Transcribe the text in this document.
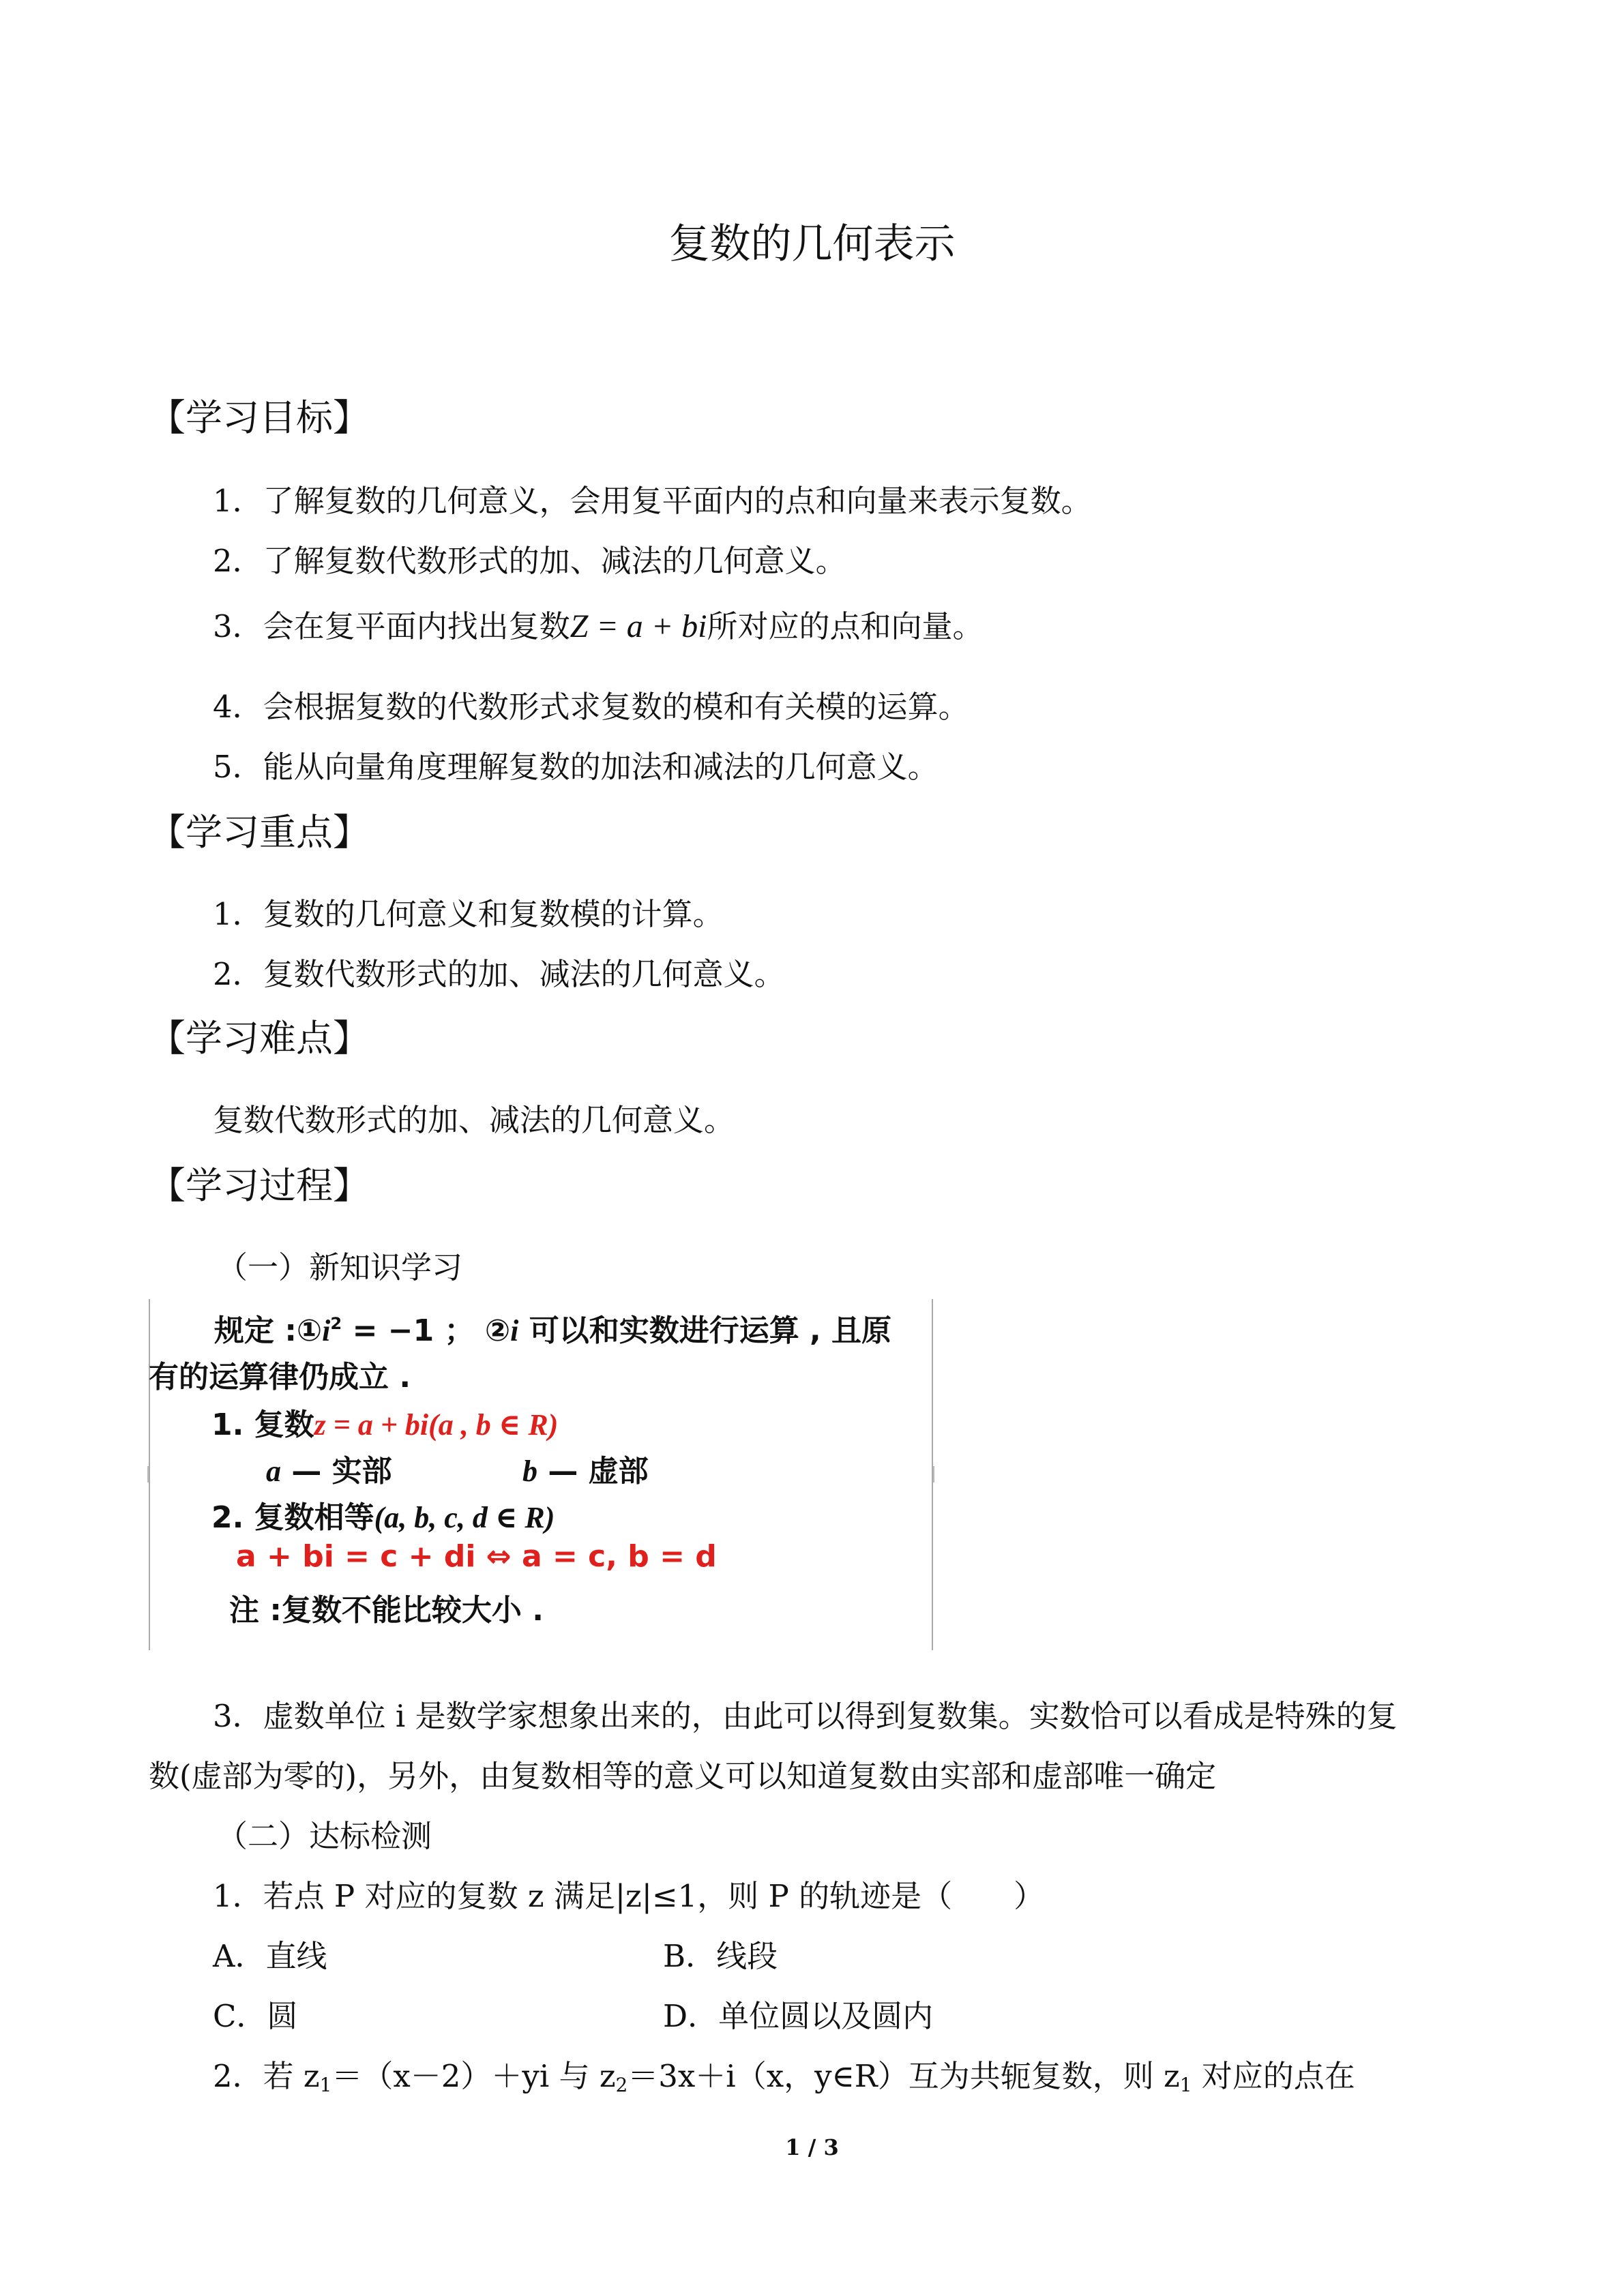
复数的几何表示
【学习目标】
1．了解复数的几何意义，会用复平面内的点和向量来表示复数。
2．了解复数代数形式的加、减法的几何意义。
3．会在复平面内找出复数Z = a + bi所对应的点和向量。
4．会根据复数的代数形式求复数的模和有关模的运算。
5．能从向量角度理解复数的加法和减法的几何意义。
【学习重点】
1．复数的几何意义和复数模的计算。
2．复数代数形式的加、减法的几何意义。
【学习难点】
复数代数形式的加、减法的几何意义。
【学习过程】
（一）新知识学习
规定 $:①i^2 = -1$ ； ②i 可以和实数进行运算 , 且原
有的运算律仍成立 .
1. 复数z = a + bi(a , b ∈ R)
a — 实部	b — 虚部
2. 复数相等(a, b, c, d ∈ R)
a + bi = c + di ⇔ a = c, b = d
注 :复数不能比较大小 .
3．虚数单位 i 是数学家想象出来的，由此可以得到复数集。实数恰可以看成是特殊的复
数(虚部为零的)，另外，由复数相等的意义可以知道复数由实部和虚部唯一确定
（二）达标检测
1．若点 P 对应的复数 z 满足|z|≤1，则 P 的轨迹是（　　）
A．直线	B．线段
C．圆	D．单位圆以及圆内
2．若 $z_1=(x-2)+yi$ 与 $z_2=3x+i(x$，y∈R）互为共轭复数，则 $z_1$ 对应的点在
1 / 3
